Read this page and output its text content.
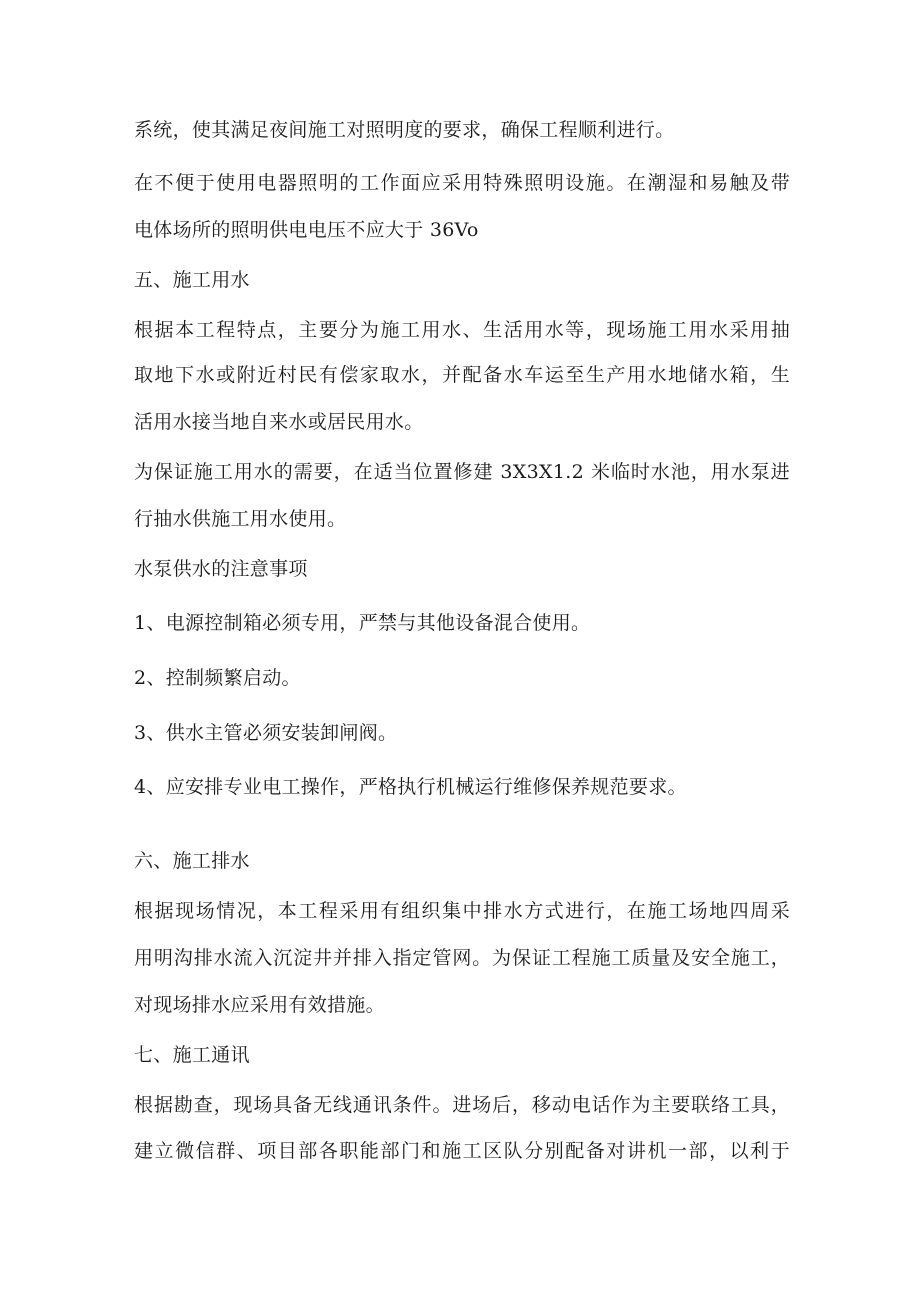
系统，使其满足夜间施工对照明度的要求，确保工程顺利进行。

在不便于使用电器照明的工作面应采用特殊照明设施。在潮湿和易触及带

电体场所的照明供电电压不应大于 36Vo

五、施工用水

根据本工程特点，主要分为施工用水、生活用水等，现场施工用水采用抽

取地下水或附近村民有偿家取水，并配备水车运至生产用水地储水箱，生

活用水接当地自来水或居民用水。

为保证施工用水的需要，在适当位置修建 3X3X1.2 米临时水池，用水泵进

行抽水供施工用水使用。

水泵供水的注意事项

1、电源控制箱必须专用，严禁与其他设备混合使用。

2、控制频繁启动。

3、供水主管必须安装卸闸阀。

4、应安排专业电工操作，严格执行机械运行维修保养规范要求。

六、施工排水

根据现场情况，本工程采用有组织集中排水方式进行，在施工场地四周采

用明沟排水流入沉淀井并排入指定管网。为保证工程施工质量及安全施工，

对现场排水应采用有效措施。

七、施工通讯

根据勘查，现场具备无线通讯条件。进场后，移动电话作为主要联络工具，

建立微信群、项目部各职能部门和施工区队分别配备对讲机一部，以利于
